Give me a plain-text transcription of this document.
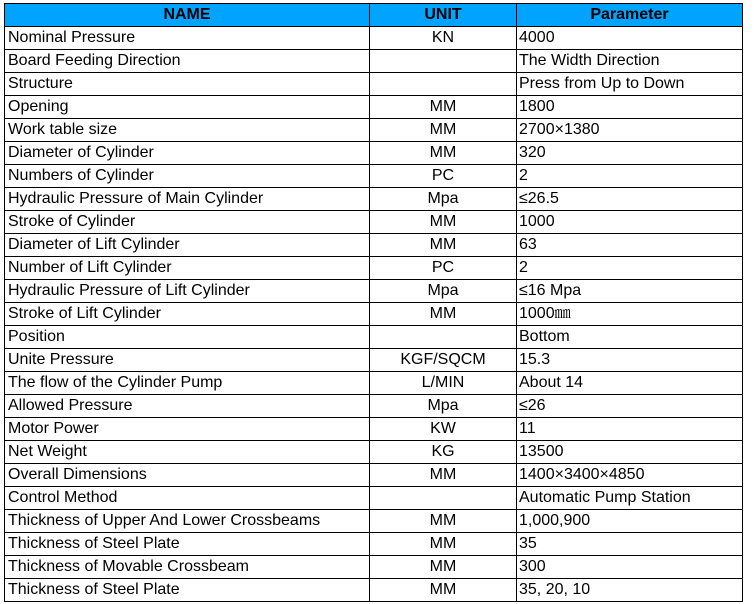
NAME	UNIT	Parameter
Nominal Pressure	KN	4000
Board Feeding Direction		The Width Direction
Structure		Press from Up to Down
Opening	MM	1800
Work table size	MM	2700×1380
Diameter of Cylinder	MM	320
Numbers of Cylinder	PC	2
Hydraulic Pressure of Main Cylinder	Mpa	≤26.5
Stroke of Cylinder	MM	1000
Diameter of Lift Cylinder	MM	63
Number of Lift Cylinder	PC	2
Hydraulic Pressure of Lift Cylinder	Mpa	≤16 Mpa
Stroke of Lift Cylinder	MM	1000㎜
Position		Bottom
Unite Pressure	KGF/SQCM	15.3
The flow of the Cylinder Pump	L/MIN	About 14
Allowed Pressure	Mpa	≤26
Motor Power	KW	11
Net Weight	KG	13500
Overall Dimensions	MM	1400×3400×4850
Control Method		Automatic Pump Station
Thickness of Upper And Lower Crossbeams	MM	1,000,900
Thickness of Steel Plate	MM	35
Thickness of Movable Crossbeam	MM	300
Thickness of Steel Plate	MM	35, 20, 10
